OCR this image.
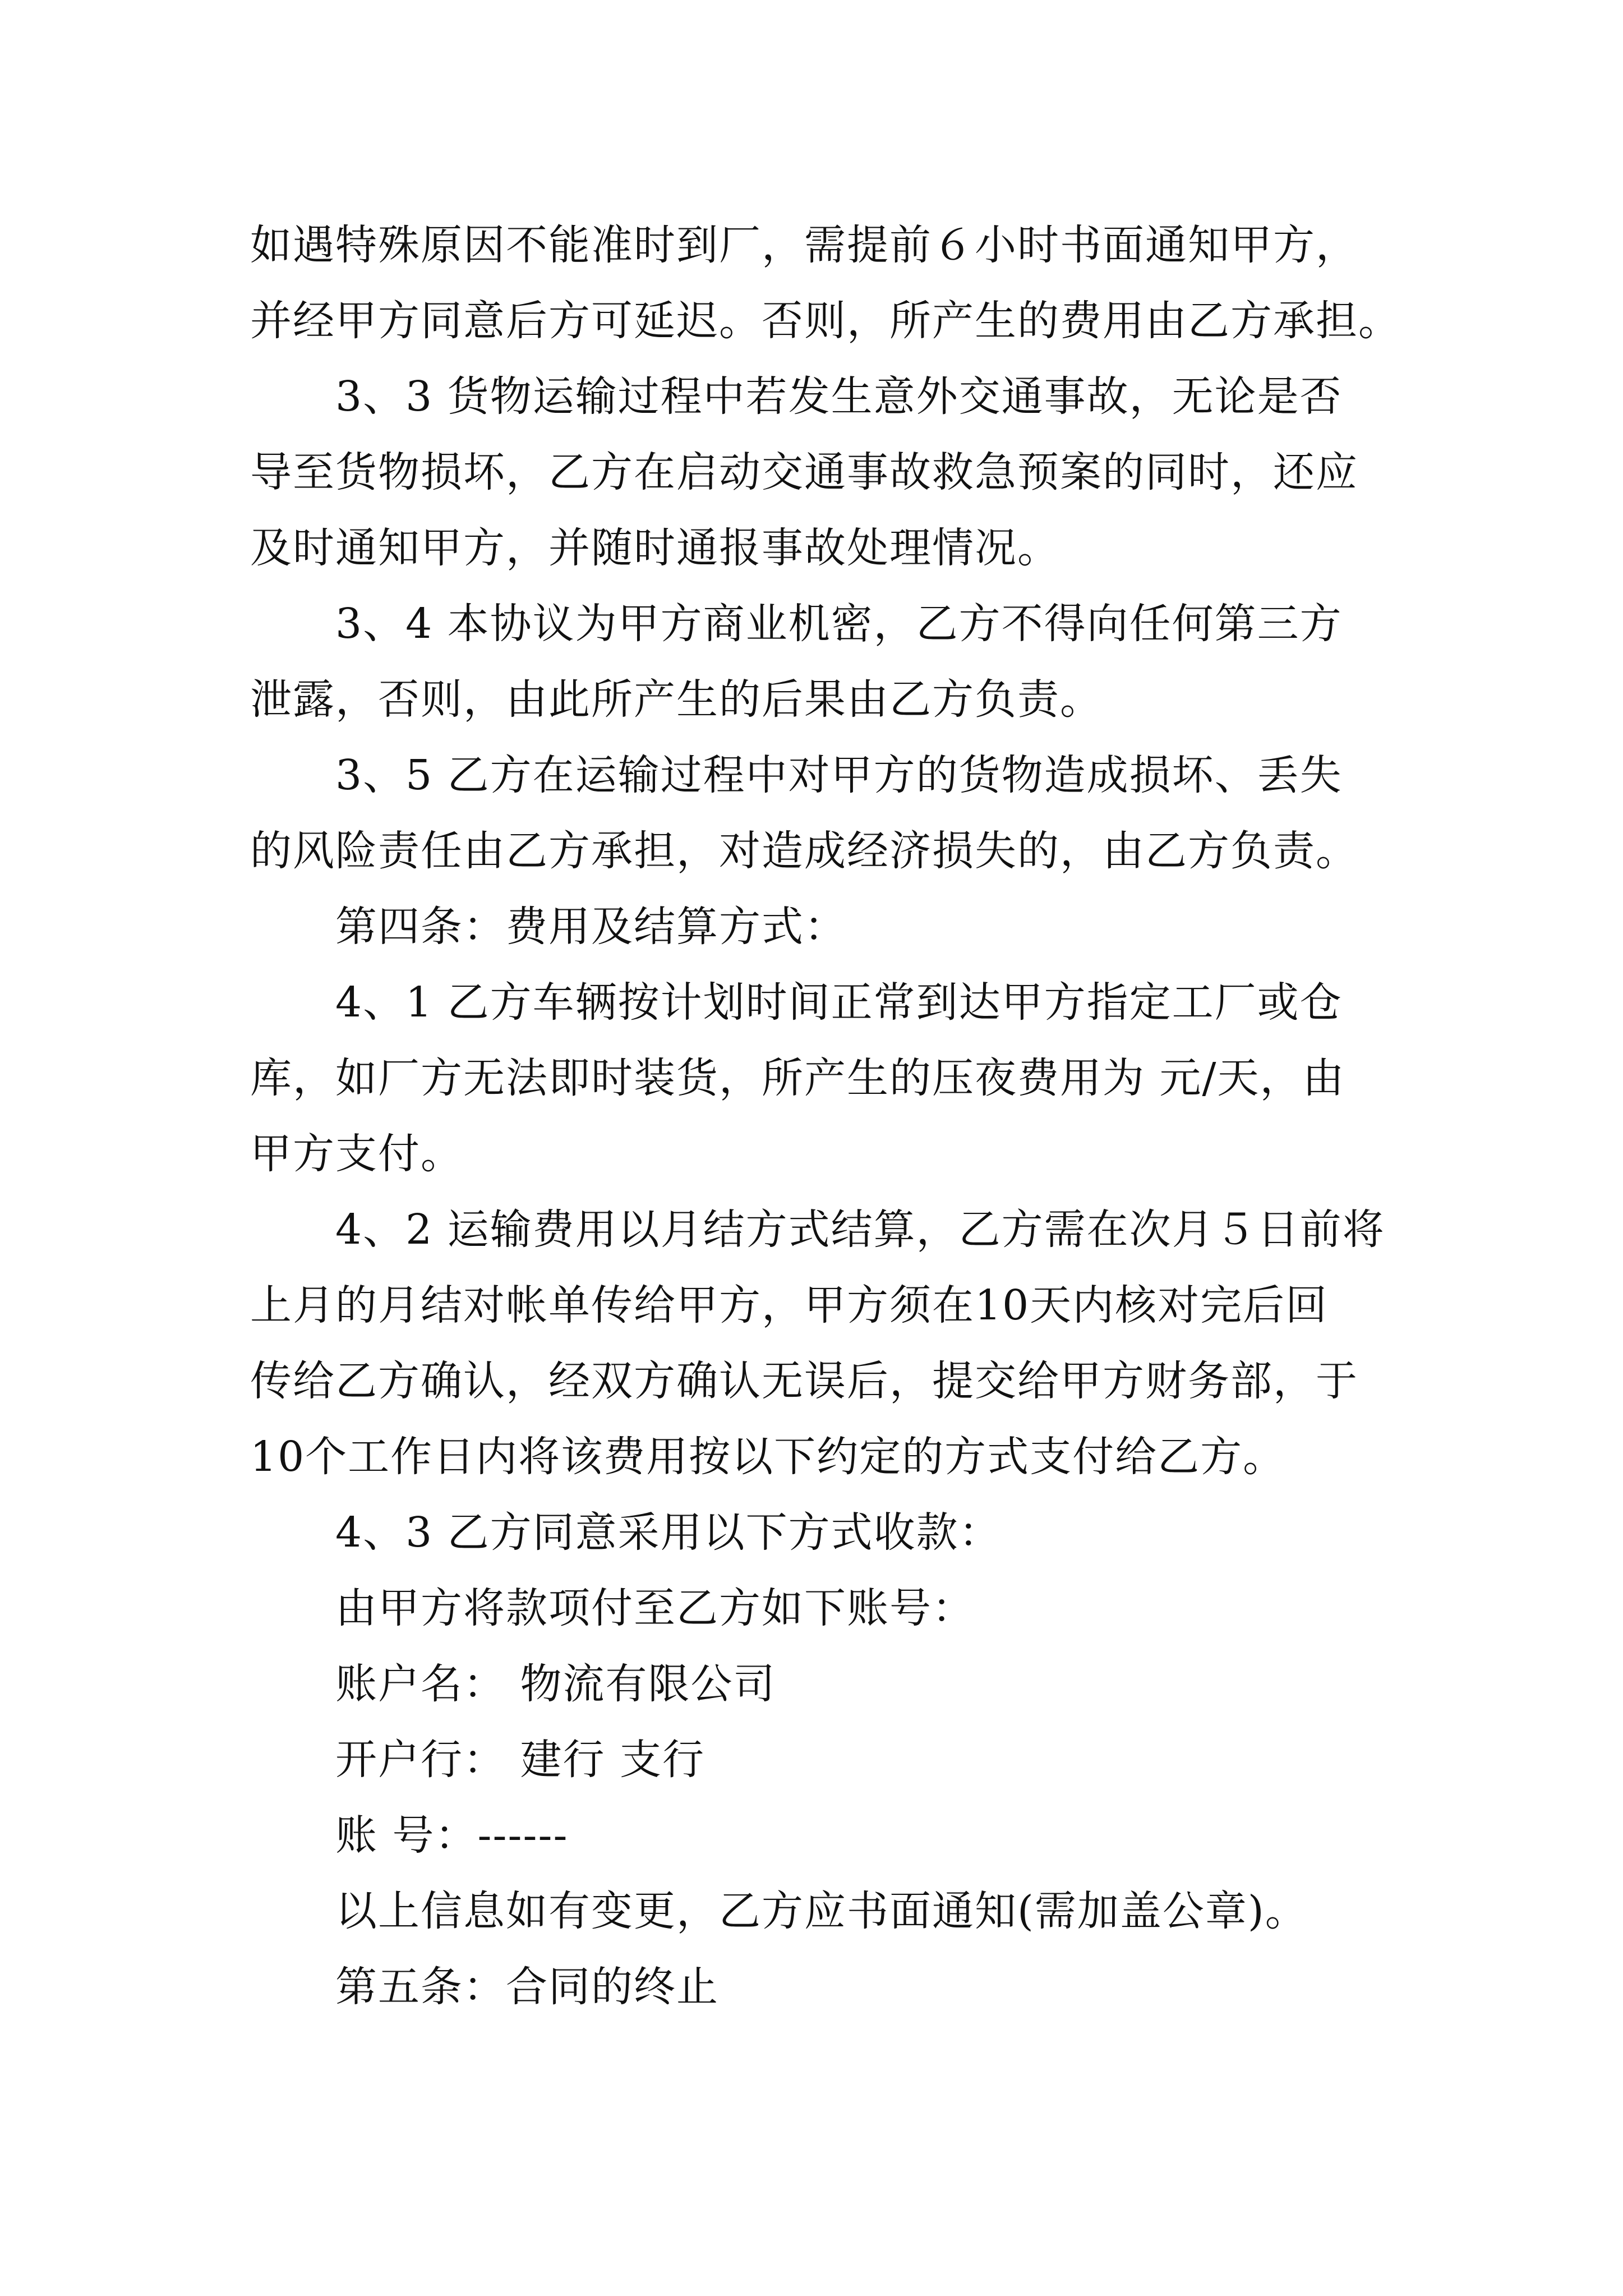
如遇特殊原因不能准时到厂，需提前６小时书面通知甲方，
并经甲方同意后方可延迟。否则，所产生的费用由乙方承担。
3、3 货物运输过程中若发生意外交通事故，无论是否
导至货物损坏，乙方在启动交通事故救急预案的同时，还应
及时通知甲方，并随时通报事故处理情况。
3、4 本协议为甲方商业机密，乙方不得向任何第三方
泄露，否则，由此所产生的后果由乙方负责。
3、5 乙方在运输过程中对甲方的货物造成损坏、丢失
的风险责任由乙方承担，对造成经济损失的，由乙方负责。
第四条：费用及结算方式：
4、1 乙方车辆按计划时间正常到达甲方指定工厂或仓
库，如厂方无法即时装货，所产生的压夜费用为 元/天，由
甲方支付。
4、2 运输费用以月结方式结算，乙方需在次月５日前将
上月的月结对帐单传给甲方，甲方须在10天内核对完后回
传给乙方确认，经双方确认无误后，提交给甲方财务部，于
10个工作日内将该费用按以下约定的方式支付给乙方。
4、3 乙方同意采用以下方式收款：
由甲方将款项付至乙方如下账号：
账户名： 物流有限公司
开户行： 建行 支行
账 号：------
以上信息如有变更，乙方应书面通知(需加盖公章)。
第五条：合同的终止
